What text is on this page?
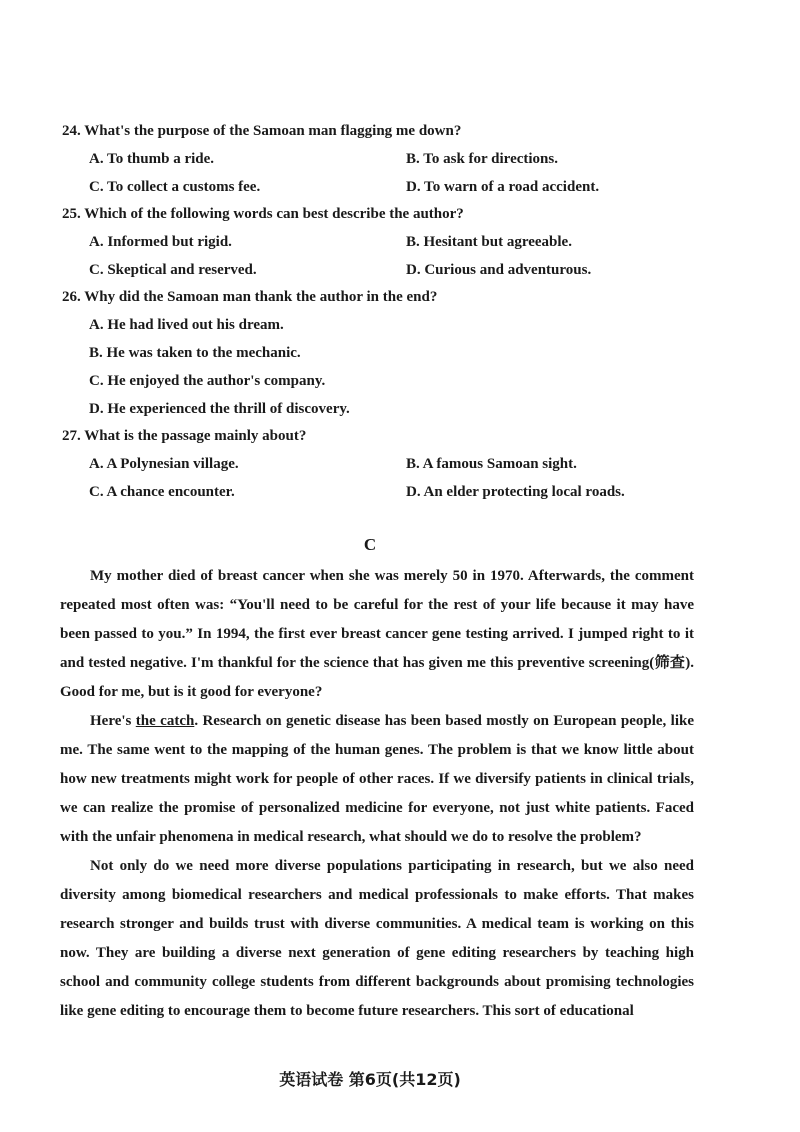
24. What's the purpose of the Samoan man flagging me down?
A. To thumb a ride.	B. To ask for directions.
C. To collect a customs fee.	D. To warn of a road accident.
25. Which of the following words can best describe the author?
A. Informed but rigid.	B. Hesitant but agreeable.
C. Skeptical and reserved.	D. Curious and adventurous.
26. Why did the Samoan man thank the author in the end?
A. He had lived out his dream.
B. He was taken to the mechanic.
C. He enjoyed the author's company.
D. He experienced the thrill of discovery.
27. What is the passage mainly about?
A. A Polynesian village.	B. A famous Samoan sight.
C. A chance encounter.	D. An elder protecting local roads.
C

My mother died of breast cancer when she was merely 50 in 1970. Afterwards, the comment repeated most often was: “You'll need to be careful for the rest of your life because it may have been passed to you.” In 1994, the first ever breast cancer gene testing arrived. I jumped right to it and tested negative. I'm thankful for the science that has given me this preventive screening(筛查). Good for me, but is it good for everyone?

Here's the catch. Research on genetic disease has been based mostly on European people, like me. The same went to the mapping of the human genes. The problem is that we know little about how new treatments might work for people of other races. If we diversify patients in clinical trials, we can realize the promise of personalized medicine for everyone, not just white patients. Faced with the unfair phenomena in medical research, what should we do to resolve the problem?

Not only do we need more diverse populations participating in research, but we also need diversity among biomedical researchers and medical professionals to make efforts. That makes research stronger and builds trust with diverse communities. A medical team is working on this now. They are building a diverse next generation of gene editing researchers by teaching high school and community college students from different backgrounds about promising technologies like gene editing to encourage them to become future researchers. This sort of educational

英语试卷 第6页(共12页)
